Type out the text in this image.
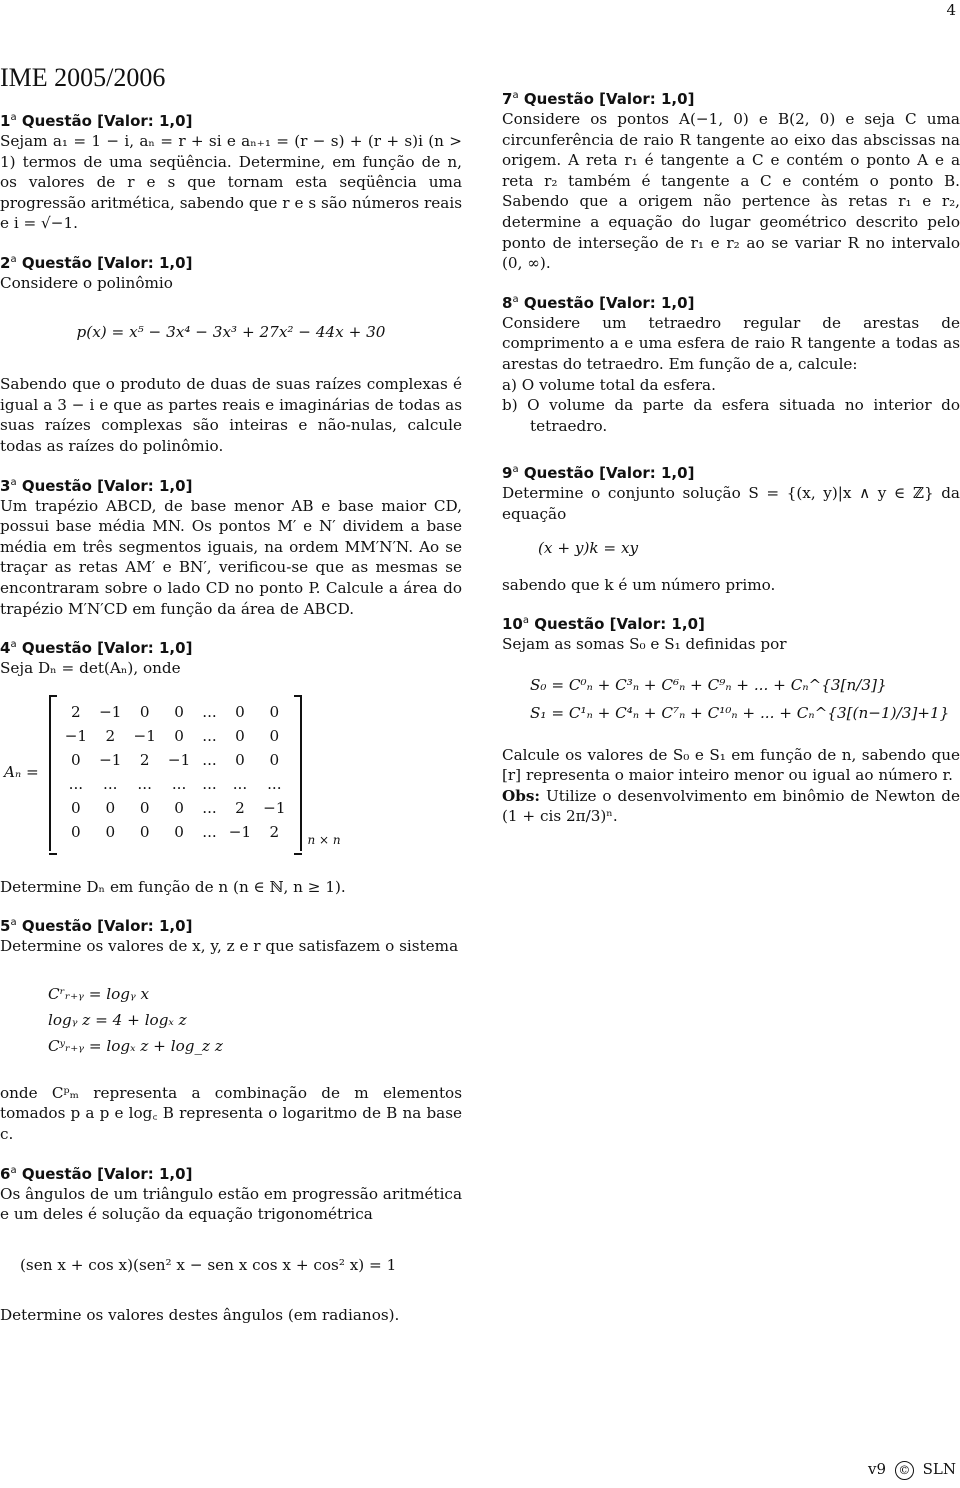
4
IME 2005/2006
1$^a$ Questão [Valor: 1,0]

Sejam a₁ = 1 − i, aₙ = r + si e aₙ₊₁ = (r − s) + (r + s)i (n > 1) termos de uma seqüência. Determine, em função de n, os valores de r e s que tornam esta seqüência uma progressão aritmética, sabendo que r e s são números reais e i = √−1.

2$^a$ Questão [Valor: 1,0]

Considere o polinômio

p(x) = x⁵ − 3x⁴ − 3x³ + 27x² − 44x + 30

Sabendo que o produto de duas de suas raízes complexas é igual a 3 − i e que as partes reais e imaginárias de todas as suas raízes complexas são inteiras e não-nulas, calcule todas as raízes do polinômio.

3$^a$ Questão [Valor: 1,0]

Um trapézio ABCD, de base menor AB e base maior CD, possui base média MN. Os pontos M′ e N′ dividem a base média em três segmentos iguais, na ordem MM′N′N. Ao se traçar as retas AM′ e BN′, verificou-se que as mesmas se encontraram sobre o lado CD no ponto P. Calcule a área do trapézio M′N′CD em função da área de ABCD.

4$^a$ Questão [Valor: 1,0]

Seja Dₙ = det(Aₙ), onde

Aₙ =
2	−1	0	0	...	0	0
−1	2	−1	0	...	0	0
0	−1	2	−1	...	0	0
...	...	...	...	...	...	...
0	0	0	0	...	2	−1
0	0	0	0	...	−1	2 n × n

Determine Dₙ em função de n (n ∈ ℕ, n ≥ 1).

5$^a$ Questão [Valor: 1,0]

Determine os valores de x, y, z e r que satisfazem o sistema

Cʳᵣ₊ᵧ = logᵧ x
logᵧ z = 4 + logₓ z
Cʸᵣ₊ᵧ = logₓ z + log_z z

onde Cᵖₘ representa a combinação de m elementos tomados p a p e log꜀ B representa o logaritmo de B na base c.

6$^a$ Questão [Valor: 1,0]

Os ângulos de um triângulo estão em progressão aritmética e um deles é solução da equação trigonométrica

(sen x + cos x)(sen² x − sen x cos x + cos² x) = 1

Determine os valores destes ângulos (em radianos).

7$^a$ Questão [Valor: 1,0]

Considere os pontos A(−1, 0) e B(2, 0) e seja C uma circunferência de raio R tangente ao eixo das abscissas na origem. A reta r₁ é tangente a C e contém o ponto A e a reta r₂ também é tangente a C e contém o ponto B. Sabendo que a origem não pertence às retas r₁ e r₂, determine a equação do lugar geométrico descrito pelo ponto de interseção de r₁ e r₂ ao se variar R no intervalo (0, ∞).

8$^a$ Questão [Valor: 1,0]

Considere um tetraedro regular de arestas de comprimento a e uma esfera de raio R tangente a todas as arestas do tetraedro. Em função de a, calcule:

a) O volume total da esfera.

b) O volume da parte da esfera situada no interior do tetraedro.

9$^a$ Questão [Valor: 1,0]

Determine o conjunto solução S = {(x, y)|x ∧ y ∈ ℤ} da equação

(x + y)k = xy

sabendo que k é um número primo.

10$^a$ Questão [Valor: 1,0]

Sejam as somas S₀ e S₁ definidas por

S₀ = C⁰ₙ + C³ₙ + C⁶ₙ + C⁹ₙ + ... + Cₙ^{3[n/3]}
S₁ = C¹ₙ + C⁴ₙ + C⁷ₙ + C¹⁰ₙ + ... + Cₙ^{3[(n−1)/3]+1}

Calcule os valores de S₀ e S₁ em função de n, sabendo que [r] representa o maior inteiro menor ou igual ao número r.

Obs: Utilize o desenvolvimento em binômio de Newton de (1 + cis 2π/3)ⁿ.

v9 © SLN
